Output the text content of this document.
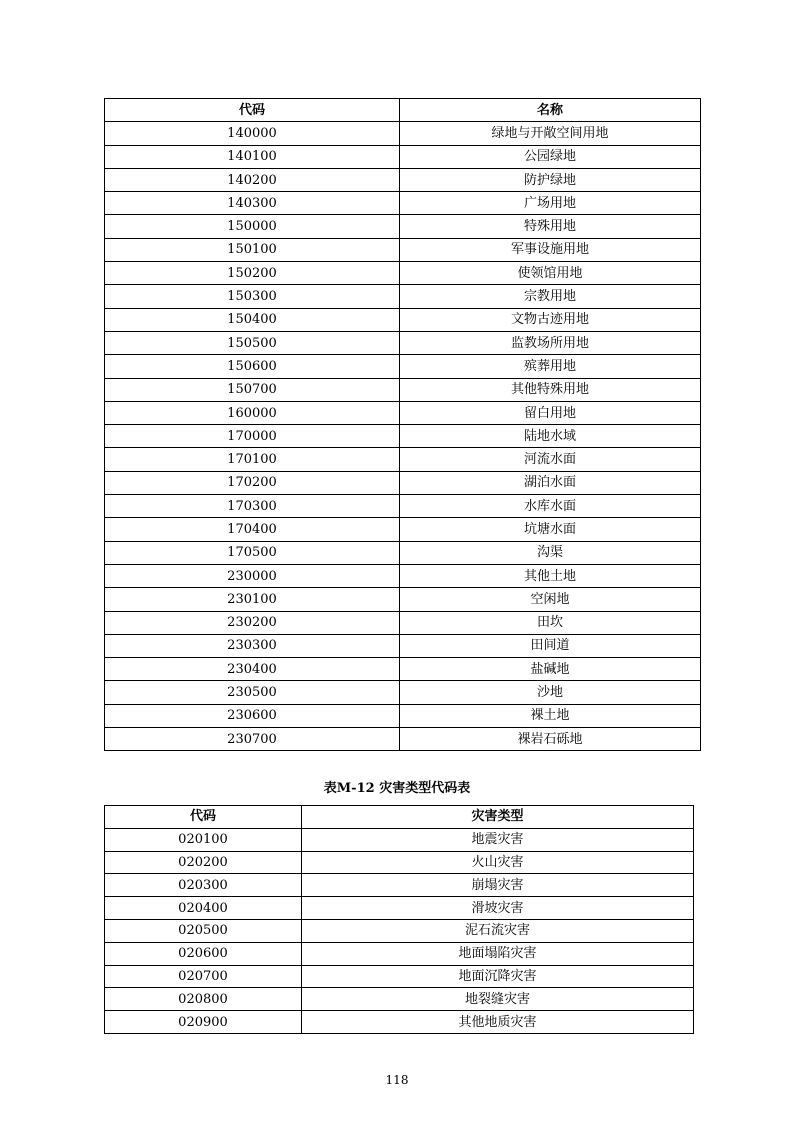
代码	名称
140000	绿地与开敞空间用地
140100	公园绿地
140200	防护绿地
140300	广场用地
150000	特殊用地
150100	军事设施用地
150200	使领馆用地
150300	宗教用地
150400	文物古迹用地
150500	监教场所用地
150600	殡葬用地
150700	其他特殊用地
160000	留白用地
170000	陆地水域
170100	河流水面
170200	湖泊水面
170300	水库水面
170400	坑塘水面
170500	沟渠
230000	其他土地
230100	空闲地
230200	田坎
230300	田间道
230400	盐碱地
230500	沙地
230600	裸土地
230700	裸岩石砾地
表M-12 灾害类型代码表
代码	灾害类型
020100	地震灾害
020200	火山灾害
020300	崩塌灾害
020400	滑坡灾害
020500	泥石流灾害
020600	地面塌陷灾害
020700	地面沉降灾害
020800	地裂缝灾害
020900	其他地质灾害
118
